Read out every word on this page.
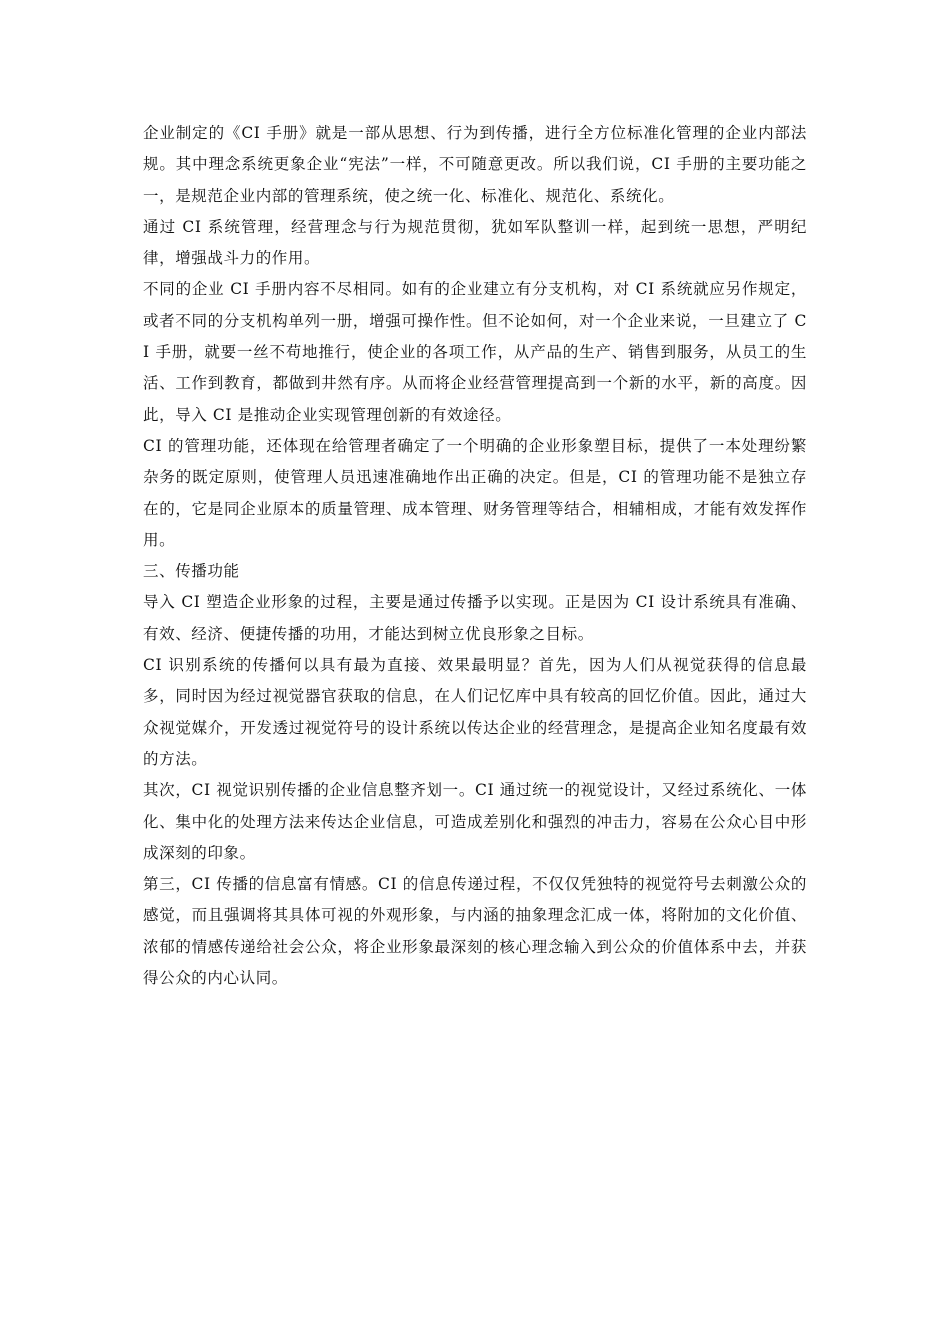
企业制定的《CI 手册》就是一部从思想、行为到传播，进行全方位标准化管理的企业内部法规。其中理念系统更象企业“宪法”一样，不可随意更改。所以我们说，CI 手册的主要功能之一，是规范企业内部的管理系统，使之统一化、标准化、规范化、系统化。

通过 CI 系统管理，经营理念与行为规范贯彻，犹如军队整训一样，起到统一思想，严明纪律，增强战斗力的作用。

不同的企业 CI 手册内容不尽相同。如有的企业建立有分支机构，对 CI 系统就应另作规定，或者不同的分支机构单列一册，增强可操作性。但不论如何，对一个企业来说，一旦建立了 CI 手册，就要一丝不苟地推行，使企业的各项工作，从产品的生产、销售到服务，从员工的生活、工作到教育，都做到井然有序。从而将企业经营管理提高到一个新的水平，新的高度。因此，导入 CI 是推动企业实现管理创新的有效途径。

CI 的管理功能，还体现在给管理者确定了一个明确的企业形象塑目标，提供了一本处理纷繁杂务的既定原则，使管理人员迅速准确地作出正确的决定。但是，CI 的管理功能不是独立存在的，它是同企业原本的质量管理、成本管理、财务管理等结合，相辅相成，才能有效发挥作用。

三、传播功能

导入 CI 塑造企业形象的过程，主要是通过传播予以实现。正是因为 CI 设计系统具有准确、有效、经济、便捷传播的功用，才能达到树立优良形象之目标。

CI 识别系统的传播何以具有最为直接、效果最明显？首先，因为人们从视觉获得的信息最多，同时因为经过视觉器官获取的信息，在人们记忆库中具有较高的回忆价值。因此，通过大众视觉媒介，开发透过视觉符号的设计系统以传达企业的经营理念，是提高企业知名度最有效的方法。

其次，CI 视觉识别传播的企业信息整齐划一。CI 通过统一的视觉设计，又经过系统化、一体化、集中化的处理方法来传达企业信息，可造成差别化和强烈的冲击力，容易在公众心目中形成深刻的印象。

第三，CI 传播的信息富有情感。CI 的信息传递过程，不仅仅凭独特的视觉符号去刺激公众的感觉，而且强调将其具体可视的外观形象，与内涵的抽象理念汇成一体，将附加的文化价值、浓郁的情感传递给社会公众，将企业形象最深刻的核心理念输入到公众的价值体系中去，并获得公众的内心认同。
